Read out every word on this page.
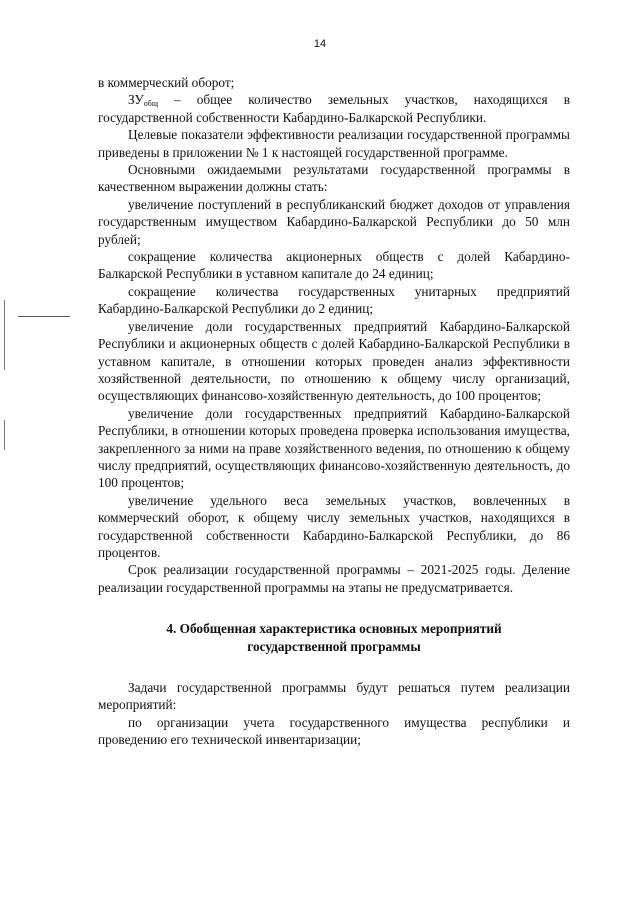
14

в коммерческий оборот;

$ЗУ_{общ}$ – общее количество земельных участков, находящихся в государственной собственности Кабардино-Балкарской Республики.

Целевые показатели эффективности реализации государственной программы приведены в приложении № 1 к настоящей государственной программе.

Основными ожидаемыми результатами государственной программы в качественном выражении должны стать:

увеличение поступлений в республиканский бюджет доходов от управления государственным имуществом Кабардино-Балкарской Республики до 50 млн рублей;

сокращение количества акционерных обществ с долей Кабардино-Балкарской Республики в уставном капитале до 24 единиц;

сокращение количества государственных унитарных предприятий Кабардино-Балкарской Республики до 2 единиц;

увеличение доли государственных предприятий Кабардино-Балкарской Республики и акционерных обществ с долей Кабардино-Балкарской Республики в уставном капитале, в отношении которых проведен анализ эффективности хозяйственной деятельности, по отношению к общему числу организаций, осуществляющих финансово-хозяйственную деятельность, до 100 процентов;

увеличение доли государственных предприятий Кабардино-Балкарской Республики, в отношении которых проведена проверка использования имущества, закрепленного за ними на праве хозяйственного ведения, по отношению к общему числу предприятий, осуществляющих финансово-хозяйственную деятельность, до 100 процентов;

увеличение удельного веса земельных участков, вовлеченных в коммерческий оборот, к общему числу земельных участков, находящихся в государственной собственности Кабардино-Балкарской Республики, до 86 процентов.

Срок реализации государственной программы – 2021-2025 годы. Деление реализации государственной программы на этапы не предусматривается.

4. Обобщенная характеристика основных мероприятий
государственной программы

Задачи государственной программы будут решаться путем реализации мероприятий:

по организации учета государственного имущества республики и проведению его технической инвентаризации;
